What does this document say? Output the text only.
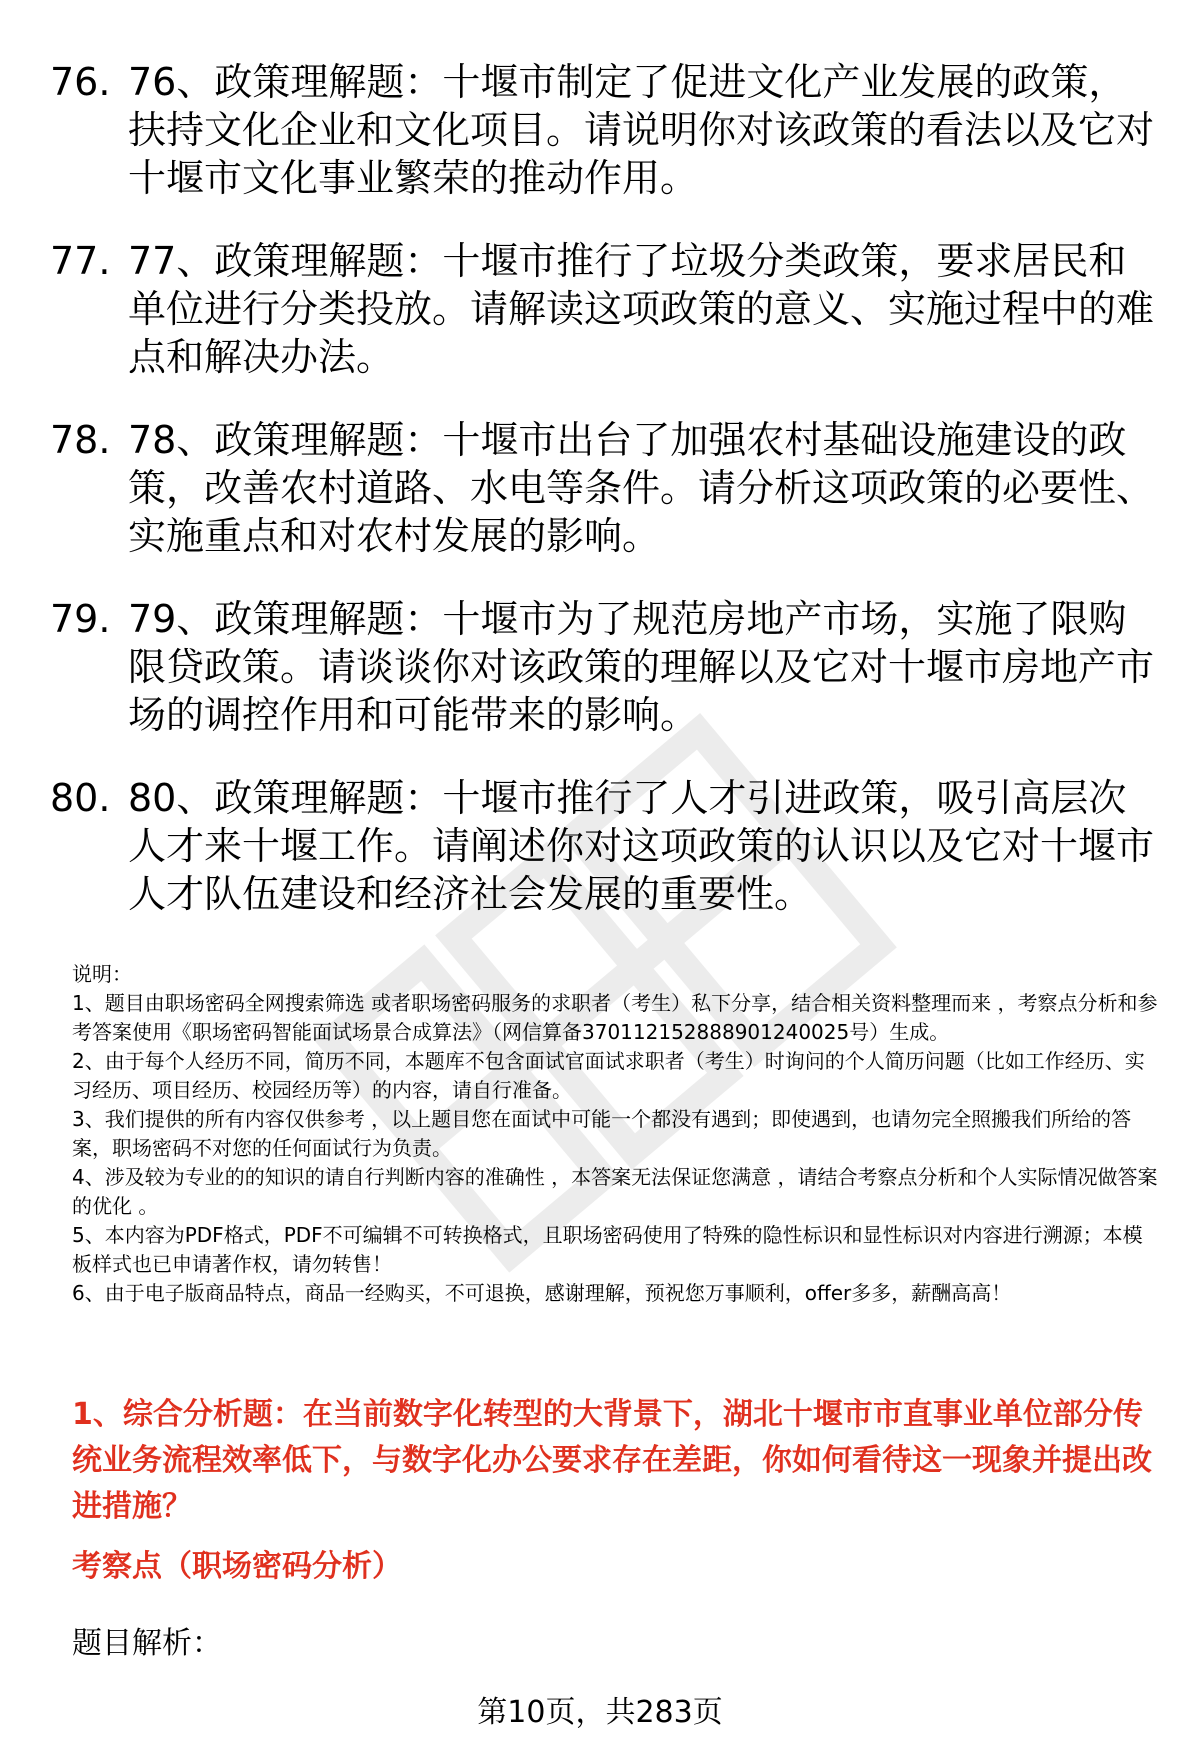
76. 76、政策理解题：十堰市制定了促进文化产业发展的政策，扶持文化企业和文化项目。请说明你对该政策的看法以及它对十堰市文化事业繁荣的推动作用。
77. 77、政策理解题：十堰市推行了垃圾分类政策，要求居民和单位进行分类投放。请解读这项政策的意义、实施过程中的难点和解决办法。
78. 78、政策理解题：十堰市出台了加强农村基础设施建设的政策，改善农村道路、水电等条件。请分析这项政策的必要性、实施重点和对农村发展的影响。
79. 79、政策理解题：十堰市为了规范房地产市场，实施了限购限贷政策。请谈谈你对该政策的理解以及它对十堰市房地产市场的调控作用和可能带来的影响。
80. 80、政策理解题：十堰市推行了人才引进政策，吸引高层次人才来十堰工作。请阐述你对这项政策的认识以及它对十堰市人才队伍建设和经济社会发展的重要性。

说明：

1、题目由职场密码全网搜索筛选 或者职场密码服务的求职者（考生）私下分享，结合相关资料整理而来 ，考察点分析和参考答案使用《职场密码智能面试场景合成算法》（网信算备370112152888901240025号）生成。

2、由于每个人经历不同，简历不同，本题库不包含面试官面试求职者（考生）时询问的个人简历问题（比如工作经历、实习经历、项目经历、校园经历等）的内容，请自行准备。

3、我们提供的所有内容仅供参考 ，以上题目您在面试中可能一个都没有遇到；即使遇到，也请勿完全照搬我们所给的答案，职场密码不对您的任何面试行为负责。

4、涉及较为专业的的知识的请自行判断内容的准确性 ，本答案无法保证您满意 ，请结合考察点分析和个人实际情况做答案的优化 。

5、本内容为PDF格式，PDF不可编辑不可转换格式，且职场密码使用了特殊的隐性标识和显性标识对内容进行溯源；本模板样式也已申请著作权，请勿转售！

6、由于电子版商品特点，商品一经购买，不可退换，感谢理解，预祝您万事顺利，offer多多，薪酬高高！

1、综合分析题：在当前数字化转型的大背景下，湖北十堰市市直事业单位部分传统业务流程效率低下，与数字化办公要求存在差距，你如何看待这一现象并提出改进措施？
考察点（职场密码分析）
题目解析：
第10页，共283页
